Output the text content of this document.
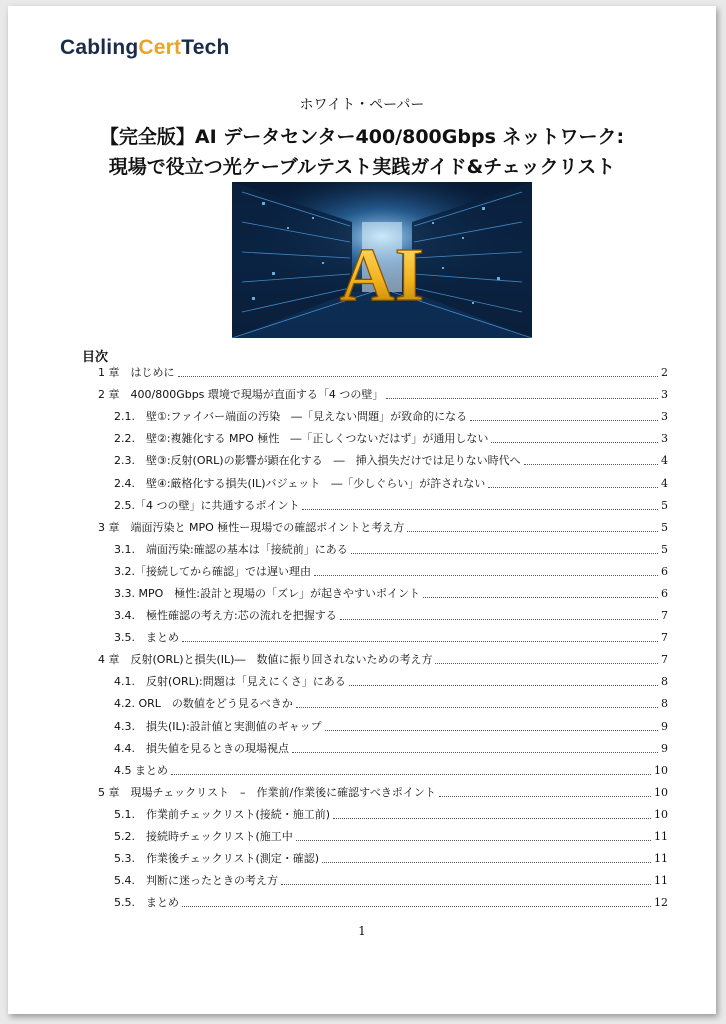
CablingCertTech
ホワイト・ペーパー
【完全版】AI データセンター400/800Gbps ネットワーク:
現場で役立つ光ケーブルテスト実践ガイド&チェックリスト
AI
目次
1 章　はじめに	2
2 章　400/800Gbps 環境で現場が直面する「4 つの壁」	3
2.1.　壁①:ファイバー端面の汚染　―「見えない問題」が致命的になる	3
2.2.　壁②:複雑化する MPO 極性　―「正しくつないだはず」が通用しない	3
2.3.　壁③:反射(ORL)の影響が顕在化する　―　挿入損失だけでは足りない時代へ	4
2.4.　壁④:厳格化する損失(IL)バジェット　―「少しぐらい」が許されない	4
2.5.「4 つの壁」に共通するポイント	5
3 章　端面汚染と MPO 極性ー現場での確認ポイントと考え方	5
3.1.　端面汚染:確認の基本は「接続前」にある	5
3.2.「接続してから確認」では遅い理由	6
3.3. MPO　極性:設計と現場の「ズレ」が起きやすいポイント	6
3.4.　極性確認の考え方:芯の流れを把握する	7
3.5.　まとめ	7
4 章　反射(ORL)と損失(IL)―　数値に振り回されないための考え方	7
4.1.　反射(ORL):問題は「見えにくさ」にある	8
4.2. ORL　の数値をどう見るべきか	8
4.3.　損失(IL):設計値と実測値のギャップ	9
4.4.　損失値を見るときの現場視点	9
4.5 まとめ	10
5 章　現場チェックリスト　–　作業前/作業後に確認すべきポイント	10
5.1.　作業前チェックリスト(接続・施工前)	10
5.2.　接続時チェックリスト(施工中	11
5.3.　作業後チェックリスト(測定・確認)	11
5.4.　判断に迷ったときの考え方	11
5.5.　まとめ	12
1
